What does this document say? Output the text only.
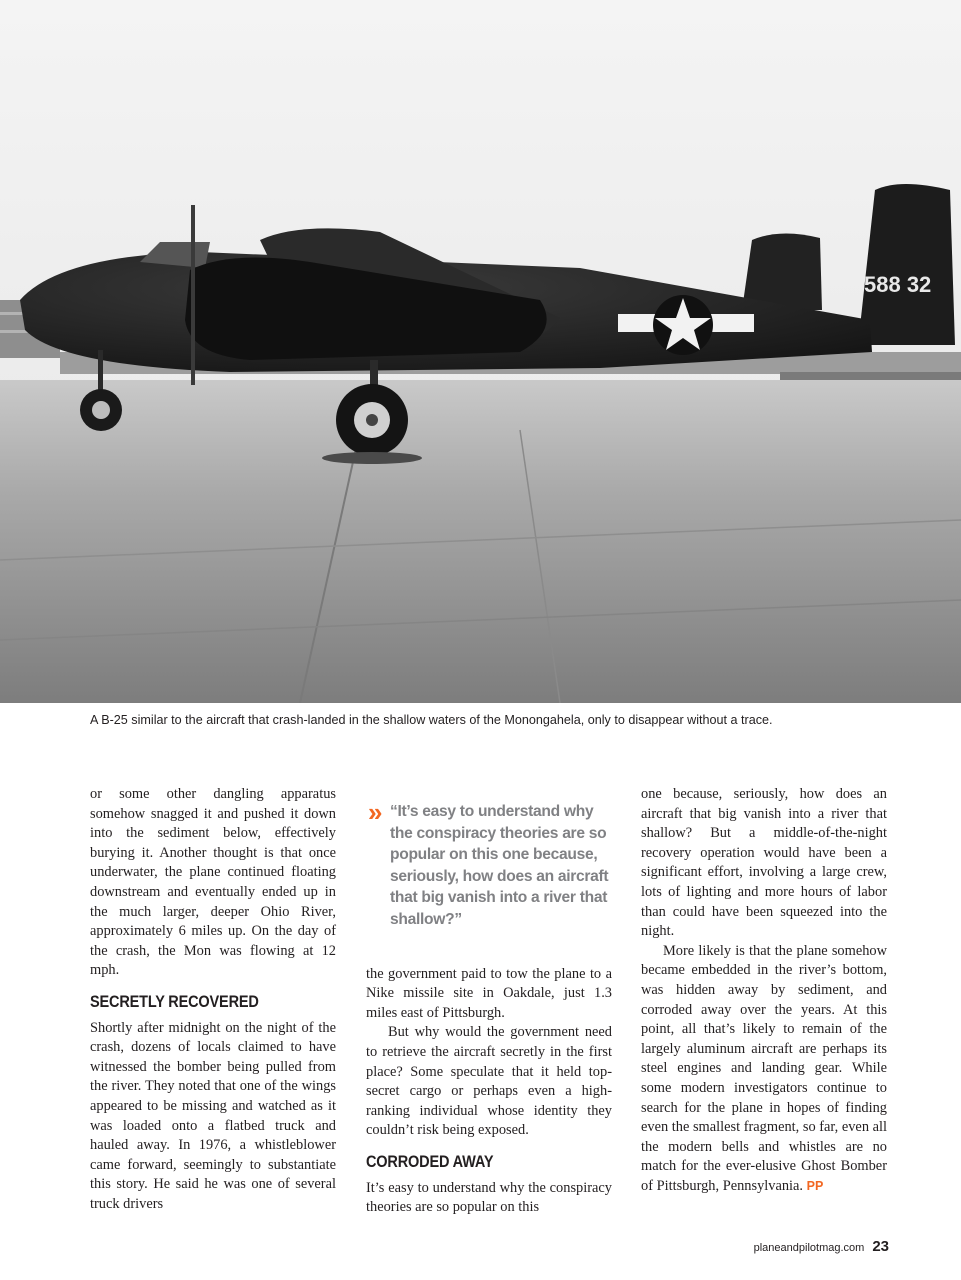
588 32
A B-25 similar to the aircraft that crash-landed in the shallow waters of the Monongahela, only to disappear without a trace.

or some other dangling apparatus somehow snagged it and pushed it down into the sediment below, effectively burying it. Another thought is that once underwater, the plane continued floating downstream and eventually ended up in the much larger, deeper Ohio River, approximately 6 miles up. On the day of the crash, the Mon was flowing at 12 mph.

SECRETLY RECOVERED

Shortly after midnight on the night of the crash, dozens of locals claimed to have witnessed the bomber being pulled from the river. They noted that one of the wings appeared to be missing and watched as it was loaded onto a flatbed truck and hauled away. In 1976, a whistleblower came forward, seemingly to substantiate this story. He said he was one of several truck drivers

» “It’s easy to understand why the conspiracy theories are so popular on this one because, seriously, how does an aircraft that big vanish into a river that shallow?”

the government paid to tow the plane to a Nike missile site in Oakdale, just 1.3 miles east of Pittsburgh.

But why would the government need to retrieve the aircraft secretly in the first place? Some speculate that it held top-secret cargo or perhaps even a high-ranking individual whose identity they couldn’t risk being exposed.

CORRODED AWAY

It’s easy to understand why the conspiracy theories are so popular on this

one because, seriously, how does an aircraft that big vanish into a river that shallow? But a middle-of-the-night recovery operation would have been a significant effort, involving a large crew, lots of lighting and more hours of labor than could have been squeezed into the night.

More likely is that the plane somehow became embedded in the river’s bottom, was hidden away by sediment, and corroded away over the years. At this point, all that’s likely to remain of the largely aluminum aircraft are perhaps its steel engines and landing gear. While some modern investigators continue to search for the plane in hopes of finding even the smallest fragment, so far, even all the modern bells and whistles are no match for the ever-elusive Ghost Bomber of Pittsburgh, Pennsylvania. PP

planeandpilotmag.com 23
